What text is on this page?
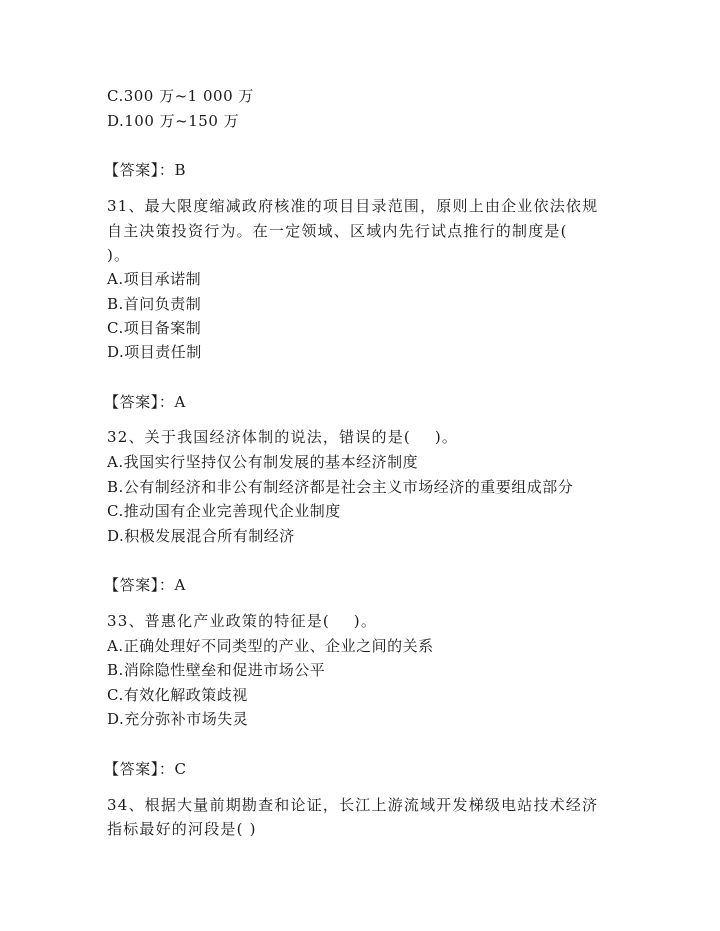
C.300 万~1 000 万
D.100 万~150 万
【答案】：B
31、最大限度缩减政府核准的项目目录范围，原则上由企业依法依规
自主决策投资行为。在一定领域、区域内先行试点推行的制度是(
)。
A.项目承诺制
B.首问负责制
C.项目备案制
D.项目责任制
【答案】：A
32、关于我国经济体制的说法，错误的是(    )。
A.我国实行坚持仅公有制发展的基本经济制度
B.公有制经济和非公有制经济都是社会主义市场经济的重要组成部分
C.推动国有企业完善现代企业制度
D.积极发展混合所有制经济
【答案】：A
33、普惠化产业政策的特征是(    )。
A.正确处理好不同类型的产业、企业之间的关系
B.消除隐性壁垒和促进市场公平
C.有效化解政策歧视
D.充分弥补市场失灵
【答案】：C
34、根据大量前期勘查和论证，长江上游流域开发梯级电站技术经济
指标最好的河段是( )
